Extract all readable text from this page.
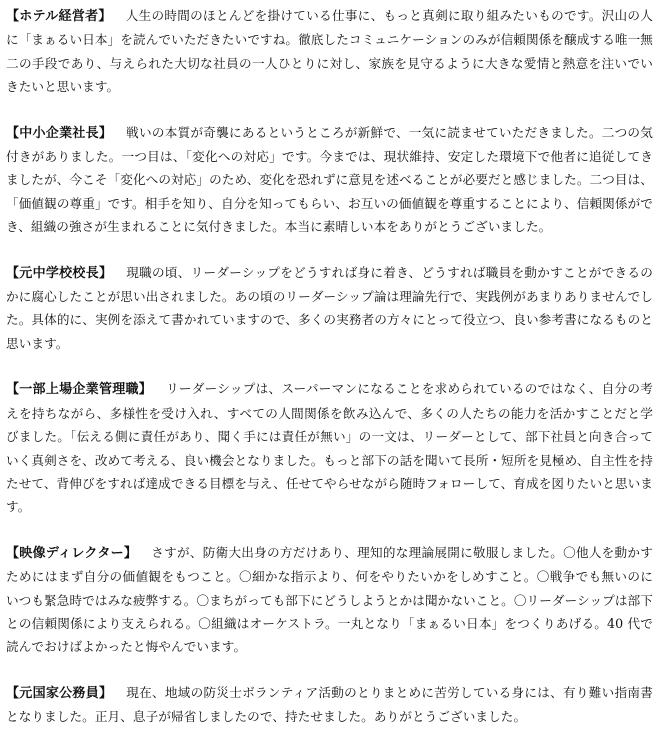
【ホテル経営者】 人生の時間のほとんどを掛けている仕事に、もっと真剣に取り組みたいものです。沢山の人に「まぁるい日本」を読んでいただきたいですね。徹底したコミュニケーションのみが信頼関係を醸成する唯一無二の手段であり、与えられた大切な社員の一人ひとりに対し、家族を見守るように大きな愛情と熱意を注いでいきたいと思います。

【中小企業社長】 戦いの本質が奇襲にあるというところが新鮮で、一気に読ませていただきました。二つの気付きがありました。一つ目は、「変化への対応」です。今までは、現状維持、安定した環境下で他者に追従してきましたが、今こそ「変化への対応」のため、変化を恐れずに意見を述べることが必要だと感じました。二つ目は、「価値観の尊重」です。相手を知り、自分を知ってもらい、お互いの価値観を尊重することにより、信頼関係ができ、組織の強さが生まれることに気付きました。本当に素晴しい本をありがとうございました。

【元中学校校長】 現職の頃、リーダーシップをどうすれば身に着き、どうすれば職員を動かすことができるのかに腐心したことが思い出されました。あの頃のリーダーシップ論は理論先行で、実践例があまりありませんでした。具体的に、実例を添えて書かれていますので、多くの実務者の方々にとって役立つ、良い参考書になるものと思います。

【一部上場企業管理職】 リーダーシップは、スーパーマンになることを求められているのではなく、自分の考えを持ちながら、多様性を受け入れ、すべての人間関係を飲み込んで、多くの人たちの能力を活かすことだと学びました。「伝える側に責任があり、聞く手には責任が無い」の一文は、リーダーとして、部下社員と向き合っていく真剣さを、改めて考える、良い機会となりました。もっと部下の話を聞いて長所・短所を見極め、自主性を持たせて、背伸びをすれば達成できる目標を与え、任せてやらせながら随時フォローして、育成を図りたいと思います。

【映像ディレクター】 さすが、防衛大出身の方だけあり、理知的な理論展開に敬服しました。〇他人を動かすためにはまず自分の価値観をもつこと。〇細かな指示より、何をやりたいかをしめすこと。〇戦争でも無いのにいつも緊急時ではみな疲弊する。〇まちがっても部下にどうしようとかは聞かないこと。〇リーダーシップは部下との信頼関係により支えられる。〇組織はオーケストラ。一丸となり「まぁるい日本」をつくりあげる。40 代で読んでおけばよかったと悔やんでいます。

【元国家公務員】 現在、地域の防災士ボランティア活動のとりまとめに苦労している身には、有り難い指南書となりました。正月、息子が帰省しましたので、持たせました。ありがとうございました。
